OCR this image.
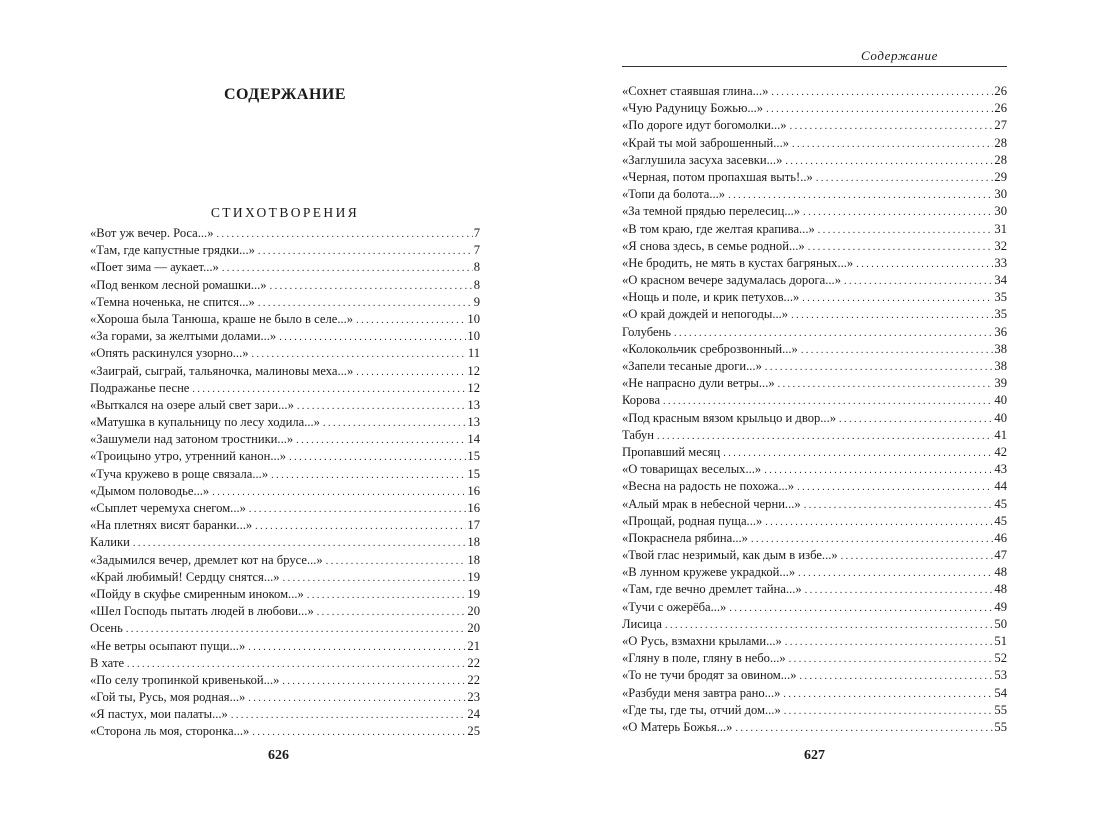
СОДЕРЖАНИЕ
СТИХОТВОРЕНИЯ
«Вот уж вечер. Роса...» . . .	7
«Там, где капустные грядки...» . . .	7
«Поет зима — аукает...» . . .	8
«Под венком лесной ромашки...» . . .	8
«Темна ноченька, не спится...» . . .	9
«Хороша была Танюша, краше не было в селе...» . . .	10
«За горами, за желтыми долами...» . . .	10
«Опять раскинулся узорно...» . . .	11
«Заиграй, сыграй, тальяночка, малиновы меха...» . . .	12
Подражанье песне . . .	12
«Выткался на озере алый свет зари...» . . .	13
«Матушка в купальницу по лесу ходила...» . . .	13
«Зашумели над затоном тростники...» . . .	14
«Троицыно утро, утренний канон...» . . .	15
«Туча кружево в роще связала...» . . .	15
«Дымом половодье...» . . .	16
«Сыплет черемуха снегом...» . . .	16
«На плетнях висят баранки...» . . .	17
Калики . . .	18
«Задымился вечер, дремлет кот на брусе...» . . .	18
«Край любимый! Сердцу снятся...» . . .	19
«Пойду в скуфье смиренным иноком...» . . .	19
«Шел Господь пытать людей в любови...» . . .	20
Осень . . .	20
«Не ветры осыпают пущи...» . . .	21
В хате . . .	22
«По селу тропинкой кривенькой...» . . .	22
«Гой ты, Русь, моя родная...» . . .	23
«Я пастух, мои палаты...» . . .	24
«Сторона ль моя, сторонка...» . . .	25
626
Содержание
«Сохнет стаявшая глина...» . . .	26
«Чую Радуницу Божью...» . . .	26
«По дороге идут богомолки...» . . .	27
«Край ты мой заброшенный...» . . .	28
«Заглушила засуха засевки...» . . .	28
«Черная, потом пропахшая выть!..» . . .	29
«Топи да болота...» . . .	30
«За темной прядью перелесиц...» . . .	30
«В том краю, где желтая крапива...» . . .	31
«Я снова здесь, в семье родной...» . . .	32
«Не бродить, не мять в кустах багряных...» . . .	33
«О красном вечере задумалась дорога...» . . .	34
«Нощь и поле, и крик петухов...» . . .	35
«О край дождей и непогоды...» . . .	35
Голубень . . .	36
«Колокольчик среброзвонный...» . . .	38
«Запели тесаные дроги...» . . .	38
«Не напрасно дули ветры...» . . .	39
Корова . . .	40
«Под красным вязом крыльцо и двор...» . . .	40
Табун . . .	41
Пропавший месяц . . .	42
«О товарищах веселых...» . . .	43
«Весна на радость не похожа...» . . .	44
«Алый мрак в небесной черни...» . . .	45
«Прощай, родная пуща...» . . .	45
«Покраснела рябина...» . . .	46
«Твой глас незримый, как дым в избе...» . . .	47
«В лунном кружеве украдкой...» . . .	48
«Там, где вечно дремлет тайна...» . . .	48
«Тучи с ожерёба...» . . .	49
Лисица . . .	50
«О Русь, взмахни крылами...» . . .	51
«Гляну в поле, гляну в небо...» . . .	52
«То не тучи бродят за овином...» . . .	53
«Разбуди меня завтра рано...» . . .	54
«Где ты, где ты, отчий дом...» . . .	55
«О Матерь Божья...» . . .	55
627
